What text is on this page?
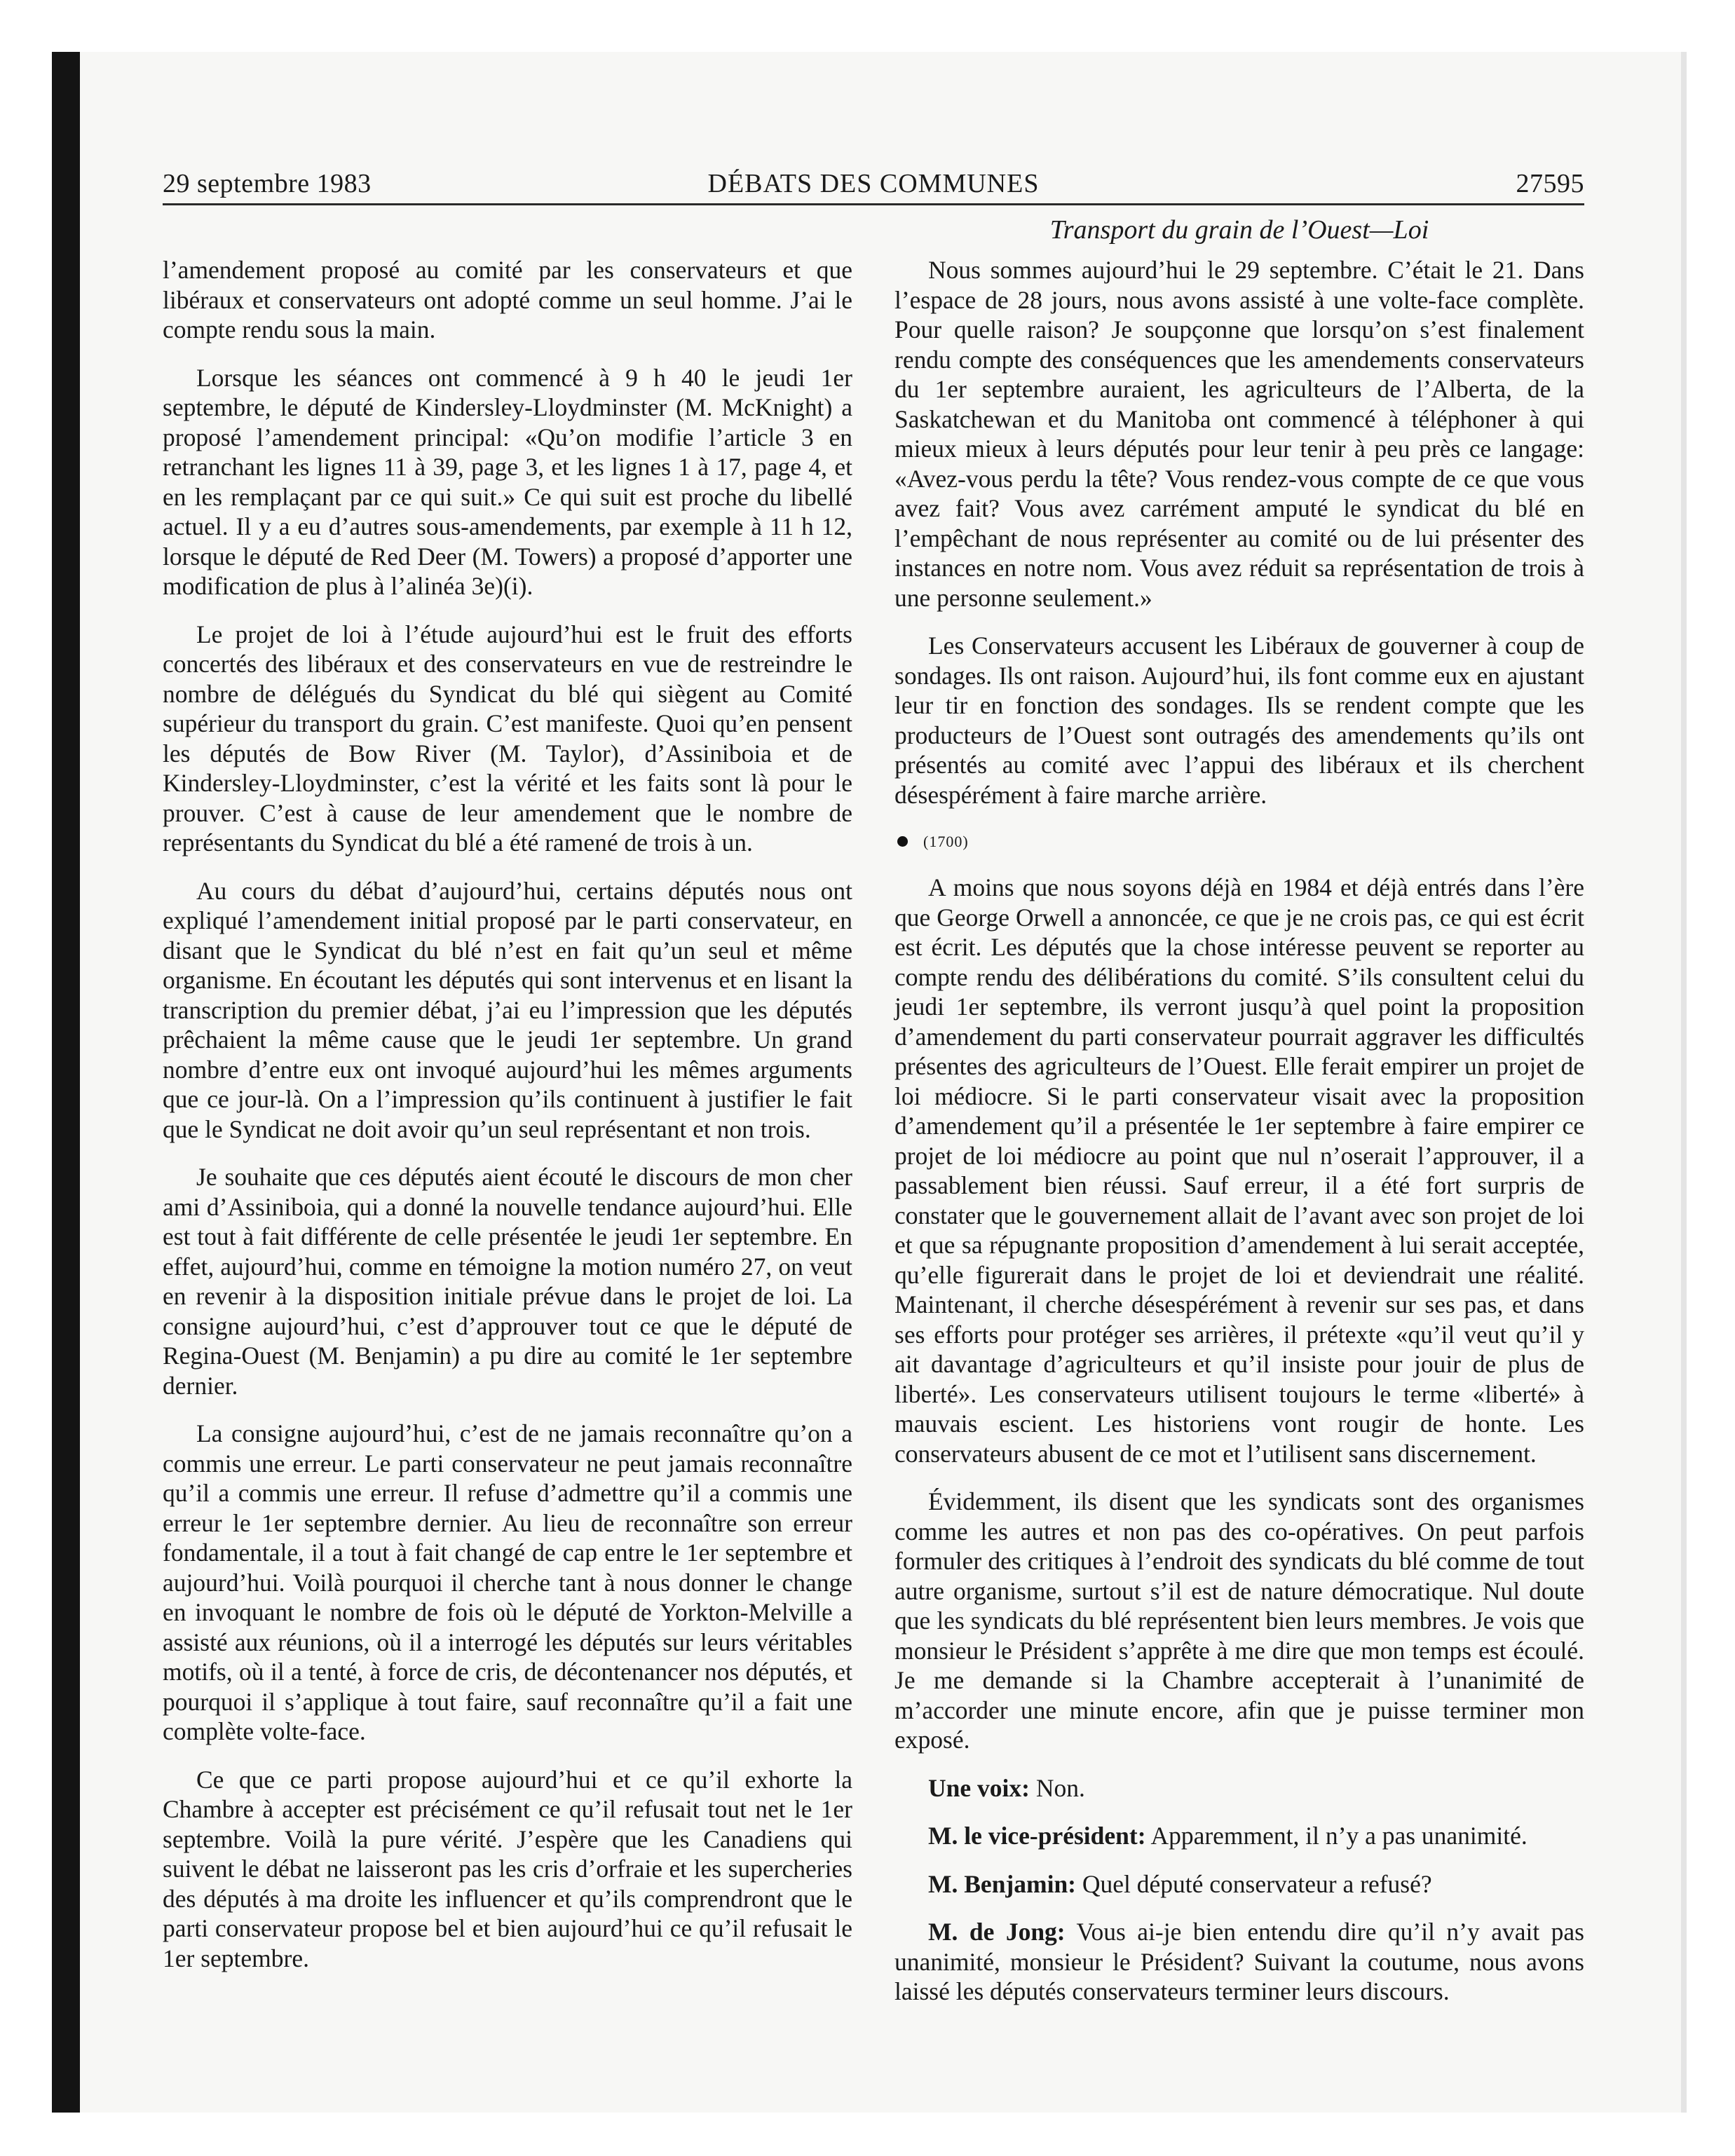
29 septembre 1983	DÉBATS DES COMMUNES	27595
Transport du grain de l’Ouest—Loi

l’amendement proposé au comité par les conservateurs et que libéraux et conservateurs ont adopté comme un seul homme. J’ai le compte rendu sous la main.

Lorsque les séances ont commencé à 9 h 40 le jeudi 1er septembre, le député de Kindersley-Lloydminster (M. McKnight) a proposé l’amendement principal: «Qu’on modifie l’article 3 en retranchant les lignes 11 à 39, page 3, et les lignes 1 à 17, page 4, et en les remplaçant par ce qui suit.» Ce qui suit est proche du libellé actuel. Il y a eu d’autres sous-amendements, par exemple à 11 h 12, lorsque le député de Red Deer (M. Towers) a proposé d’apporter une modification de plus à l’alinéa 3e)(i).

Le projet de loi à l’étude aujourd’hui est le fruit des efforts concertés des libéraux et des conservateurs en vue de restreindre le nombre de délégués du Syndicat du blé qui siègent au Comité supérieur du transport du grain. C’est manifeste. Quoi qu’en pensent les députés de Bow River (M. Taylor), d’Assiniboia et de Kindersley-Lloydminster, c’est la vérité et les faits sont là pour le prouver. C’est à cause de leur amendement que le nombre de représentants du Syndicat du blé a été ramené de trois à un.

Au cours du débat d’aujourd’hui, certains députés nous ont expliqué l’amendement initial proposé par le parti conservateur, en disant que le Syndicat du blé n’est en fait qu’un seul et même organisme. En écoutant les députés qui sont intervenus et en lisant la transcription du premier débat, j’ai eu l’impression que les députés prêchaient la même cause que le jeudi 1er septembre. Un grand nombre d’entre eux ont invoqué aujourd’hui les mêmes arguments que ce jour-là. On a l’impression qu’ils continuent à justifier le fait que le Syndicat ne doit avoir qu’un seul représentant et non trois.

Je souhaite que ces députés aient écouté le discours de mon cher ami d’Assiniboia, qui a donné la nouvelle tendance aujourd’hui. Elle est tout à fait différente de celle présentée le jeudi 1er septembre. En effet, aujourd’hui, comme en témoigne la motion numéro 27, on veut en revenir à la disposition initiale prévue dans le projet de loi. La consigne aujourd’hui, c’est d’approuver tout ce que le député de Regina-Ouest (M. Benjamin) a pu dire au comité le 1er septembre dernier.

La consigne aujourd’hui, c’est de ne jamais reconnaître qu’on a commis une erreur. Le parti conservateur ne peut jamais reconnaître qu’il a commis une erreur. Il refuse d’admettre qu’il a commis une erreur le 1er septembre dernier. Au lieu de reconnaître son erreur fondamentale, il a tout à fait changé de cap entre le 1er septembre et aujourd’hui. Voilà pourquoi il cherche tant à nous donner le change en invoquant le nombre de fois où le député de Yorkton-Melville a assisté aux réunions, où il a interrogé les députés sur leurs véritables motifs, où il a tenté, à force de cris, de décontenancer nos députés, et pourquoi il s’applique à tout faire, sauf reconnaître qu’il a fait une complète volte-face.

Ce que ce parti propose aujourd’hui et ce qu’il exhorte la Chambre à accepter est précisément ce qu’il refusait tout net le 1er septembre. Voilà la pure vérité. J’espère que les Canadiens qui suivent le débat ne laisseront pas les cris d’orfraie et les supercheries des députés à ma droite les influencer et qu’ils comprendront que le parti conservateur propose bel et bien aujourd’hui ce qu’il refusait le 1er septembre.

Nous sommes aujourd’hui le 29 septembre. C’était le 21. Dans l’espace de 28 jours, nous avons assisté à une volte-face complète. Pour quelle raison? Je soupçonne que lorsqu’on s’est finalement rendu compte des conséquences que les amendements conservateurs du 1er septembre auraient, les agriculteurs de l’Alberta, de la Saskatchewan et du Manitoba ont commencé à téléphoner à qui mieux mieux à leurs députés pour leur tenir à peu près ce langage: «Avez-vous perdu la tête? Vous rendez-vous compte de ce que vous avez fait? Vous avez carrément amputé le syndicat du blé en l’empêchant de nous représenter au comité ou de lui présenter des instances en notre nom. Vous avez réduit sa représentation de trois à une personne seulement.»

Les Conservateurs accusent les Libéraux de gouverner à coup de sondages. Ils ont raison. Aujourd’hui, ils font comme eux en ajustant leur tir en fonction des sondages. Ils se rendent compte que les producteurs de l’Ouest sont outragés des amendements qu’ils ont présentés au comité avec l’appui des libéraux et ils cherchent désespérément à faire marche arrière.

(1700)

A moins que nous soyons déjà en 1984 et déjà entrés dans l’ère que George Orwell a annoncée, ce que je ne crois pas, ce qui est écrit est écrit. Les députés que la chose intéresse peuvent se reporter au compte rendu des délibérations du comité. S’ils consultent celui du jeudi 1er septembre, ils verront jusqu’à quel point la proposition d’amendement du parti conservateur pourrait aggraver les difficultés présentes des agriculteurs de l’Ouest. Elle ferait empirer un projet de loi médiocre. Si le parti conservateur visait avec la proposition d’amendement qu’il a présentée le 1er septembre à faire empirer ce projet de loi médiocre au point que nul n’oserait l’approuver, il a passablement bien réussi. Sauf erreur, il a été fort surpris de constater que le gouvernement allait de l’avant avec son projet de loi et que sa répugnante proposition d’amendement à lui serait acceptée, qu’elle figurerait dans le projet de loi et deviendrait une réalité. Maintenant, il cherche désespérément à revenir sur ses pas, et dans ses efforts pour protéger ses arrières, il prétexte «qu’il veut qu’il y ait davantage d’agriculteurs et qu’il insiste pour jouir de plus de liberté». Les conservateurs utilisent toujours le terme «liberté» à mauvais escient. Les historiens vont rougir de honte. Les conservateurs abusent de ce mot et l’utilisent sans discernement.

Évidemment, ils disent que les syndicats sont des organismes comme les autres et non pas des co-opératives. On peut parfois formuler des critiques à l’endroit des syndicats du blé comme de tout autre organisme, surtout s’il est de nature démocratique. Nul doute que les syndicats du blé représentent bien leurs membres. Je vois que monsieur le Président s’apprête à me dire que mon temps est écoulé. Je me demande si la Chambre accepterait à l’unanimité de m’accorder une minute encore, afin que je puisse terminer mon exposé.

Une voix: Non.

M. le vice-président: Apparemment, il n’y a pas unanimité.

M. Benjamin: Quel député conservateur a refusé?

M. de Jong: Vous ai-je bien entendu dire qu’il n’y avait pas unanimité, monsieur le Président? Suivant la coutume, nous avons laissé les députés conservateurs terminer leurs discours.
